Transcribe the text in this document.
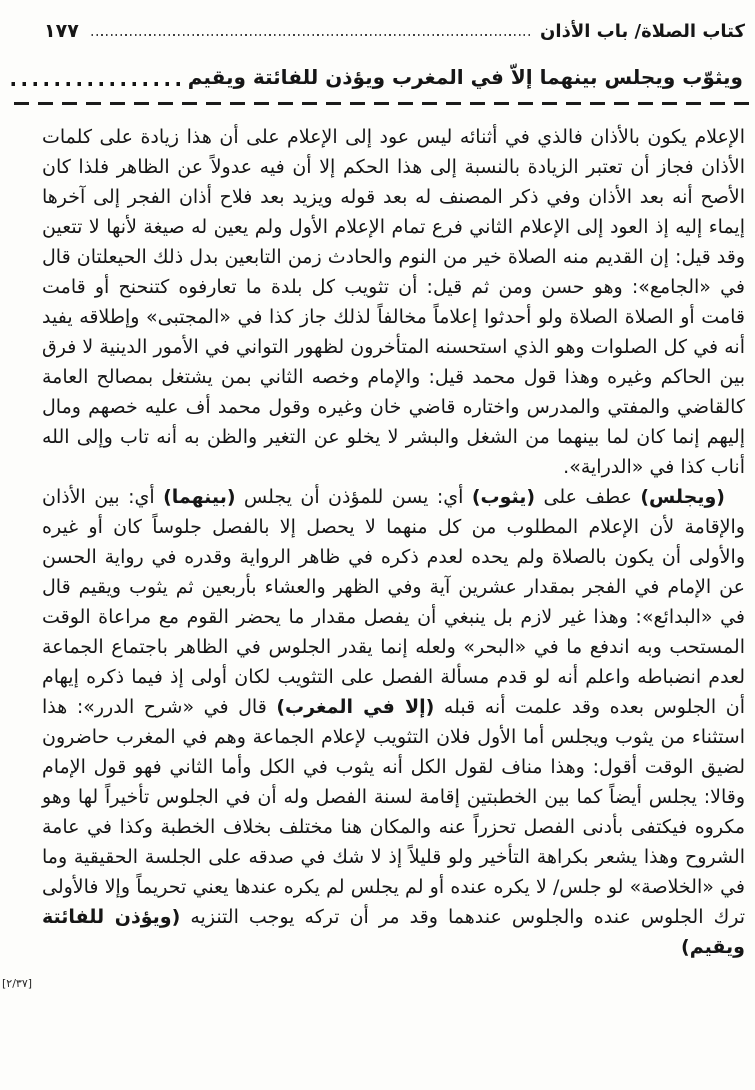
كتاب الصلاة/ باب الأذان
١٧٧
ويثوّب ويجلس بينهما إلاّ في المغرب ويؤذن للفائتة ويقيم

الإعلام يكون بالأذان فالذي في أثنائه ليس عود إلى الإعلام على أن هذا زيادة على كلمات الأذان فجاز أن تعتبر الزيادة بالنسبة إلى هذا الحكم إلا أن فيه عدولاً عن الظاهر فلذا كان الأصح أنه بعد الأذان وفي ذكر المصنف له بعد قوله ويزيد بعد فلاح أذان الفجر إلى آخرها إيماء إليه إذ العود إلى الإعلام الثاني فرع تمام الإعلام الأول ولم يعين له صيغة لأنها لا تتعين وقد قيل: إن القديم منه الصلاة خير من النوم والحادث زمن التابعين بدل ذلك الحيعلتان قال في «الجامع»: وهو حسن ومن ثم قيل: أن تثويب كل بلدة ما تعارفوه كتنحنح أو قامت قامت أو الصلاة الصلاة ولو أحدثوا إعلاماً مخالفاً لذلك جاز كذا في «المجتبى» وإطلاقه يفيد أنه في كل الصلوات وهو الذي استحسنه المتأخرون لظهور التواني في الأمور الدينية لا فرق بين الحاكم وغيره وهذا قول محمد قيل: والإمام وخصه الثاني بمن يشتغل بمصالح العامة كالقاضي والمفتي والمدرس واختاره قاضي خان وغيره وقول محمد أف عليه خصهم ومال إليهم إنما كان لما بينهما من الشغل والبشر لا يخلو عن التغير والظن به أنه تاب وإلى الله أناب كذا في «الدراية».

(ويجلس) عطف على (يثوب) أي: يسن للمؤذن أن يجلس (بينهما) أي: بين الأذان والإقامة لأن الإعلام المطلوب من كل منهما لا يحصل إلا بالفصل جلوساً كان أو غيره والأولى أن يكون بالصلاة ولم يحده لعدم ذكره في ظاهر الرواية وقدره في رواية الحسن عن الإمام في الفجر بمقدار عشرين آية وفي الظهر والعشاء بأربعين ثم يثوب ويقيم قال في «البدائع»: وهذا غير لازم بل ينبغي أن يفصل مقدار ما يحضر القوم مع مراعاة الوقت المستحب وبه اندفع ما في «البحر» ولعله إنما يقدر الجلوس في الظاهر باجتماع الجماعة لعدم انضباطه واعلم أنه لو قدم مسألة الفصل على التثويب لكان أولى إذ فيما ذكره إيهام أن الجلوس بعده وقد علمت أنه قبله (إلا في المغرب) قال في «شرح الدرر»: هذا استثناء من يثوب ويجلس أما الأول فلان التثويب لإعلام الجماعة وهم في المغرب حاضرون لضيق الوقت أقول: وهذا مناف لقول الكل أنه يثوب في الكل وأما الثاني فهو قول الإمام وقالا: يجلس أيضاً كما بين الخطبتين إقامة لسنة الفصل وله أن في الجلوس تأخيراً لها وهو مكروه فيكتفى بأدنى الفصل تحزراً عنه والمكان هنا مختلف بخلاف الخطبة وكذا في عامة الشروح وهذا يشعر بكراهة التأخير ولو قليلاً إذ لا شك في صدقه على الجلسة الحقيقية وما في «الخلاصة» لو جلس/ لا يكره عنده أو لم يجلس لم يكره عندها يعني تحريماً وإلا فالأولى ترك الجلوس عنده والجلوس عندهما وقد مر أن تركه يوجب التنزيه (ويؤذن للفائتة ويقيم)

[٢/٣٧]
